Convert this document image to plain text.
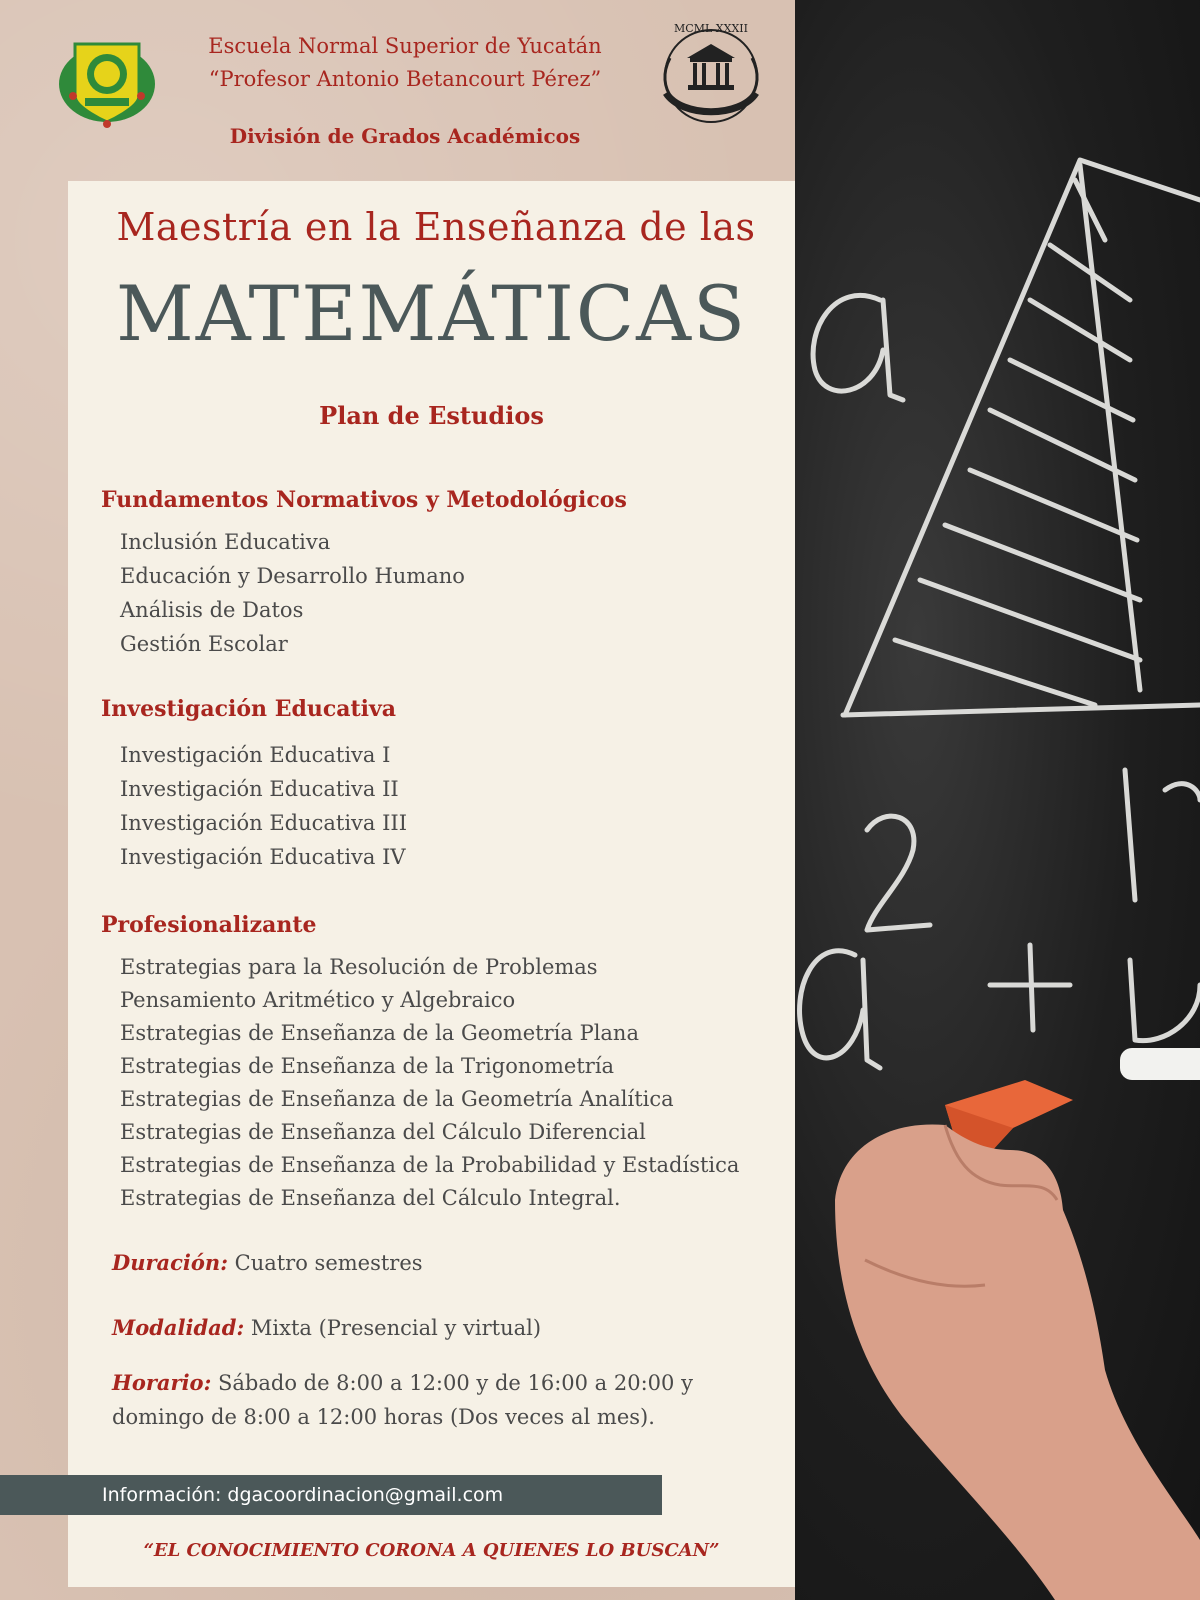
Escuela Normal Superior de Yucatán
“Profesor Antonio Betancourt Pérez”
División de Grados Académicos
MCML XXXII
Maestría en la Enseñanza de las
MATEMÁTICAS
Plan de Estudios
Fundamentos Normativos y Metodológicos
Inclusión Educativa
Educación y Desarrollo Humano
Análisis de Datos
Gestión Escolar
Investigación Educativa
Investigación Educativa I
Investigación Educativa II
Investigación Educativa III
Investigación Educativa IV
Profesionalizante
Estrategias para la Resolución de Problemas
Pensamiento Aritmético y Algebraico
Estrategias de Enseñanza de la Geometría Plana
Estrategias de Enseñanza de la Trigonometría
Estrategias de Enseñanza de la Geometría Analítica
Estrategias de Enseñanza del Cálculo Diferencial
Estrategias de Enseñanza de la Probabilidad y Estadística
Estrategias de Enseñanza del Cálculo Integral.
Duración: Cuatro semestres
Modalidad: Mixta (Presencial y virtual)
Horario: Sábado de 8:00 a 12:00 y de 16:00 a 20:00 y domingo de 8:00 a 12:00 horas (Dos veces al mes).
Información: dgacoordinacion@gmail.com
“EL CONOCIMIENTO CORONA A QUIENES LO BUSCAN”
